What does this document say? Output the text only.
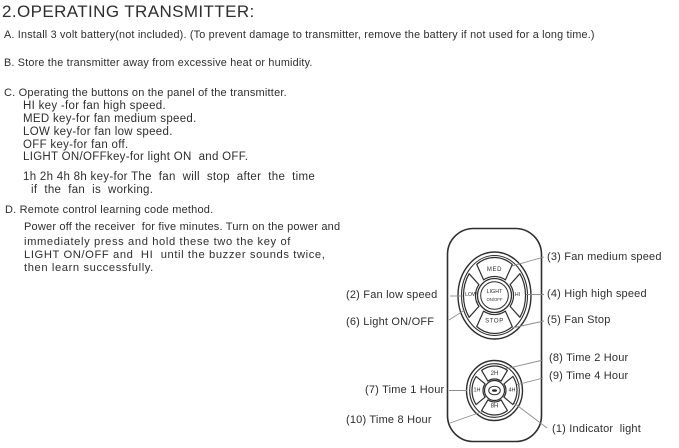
2.OPERATING TRANSMITTER:
A. Install 3 volt battery(not included). (To prevent damage to transmitter, remove the battery if not used for a long time.)
B. Store the transmitter away from excessive heat or humidity.
C. Operating the buttons on the panel of the transmitter.
HI key -for fan high speed.
MED key-for fan medium speed.
LOW key-for fan low speed.
OFF key-for fan off.
LIGHT ON/OFFkey-for light ON  and OFF.
1h 2h 4h 8h key-for The  fan  will  stop  after  the  time
if  the  fan  is  working.
D. Remote control learning code method.
Power off the receiver  for five minutes. Turn on the power and
immediately press and hold these two the key of
LIGHT ON/OFF and  HI  until the buzzer sounds twice,
then learn successfully.	MED
LOW	HI
STOP
LIGHT
ON/OFF
2H
1H	4H
8H
(2) Fan low speed
(6) Light ON/OFF
(3) Fan medium speed
(4) High high speed
(5) Fan Stop
(8) Time 2 Hour
(9) Time 4 Hour
(7) Time 1 Hour
(10) Time 8 Hour
(1) Indicator  light
